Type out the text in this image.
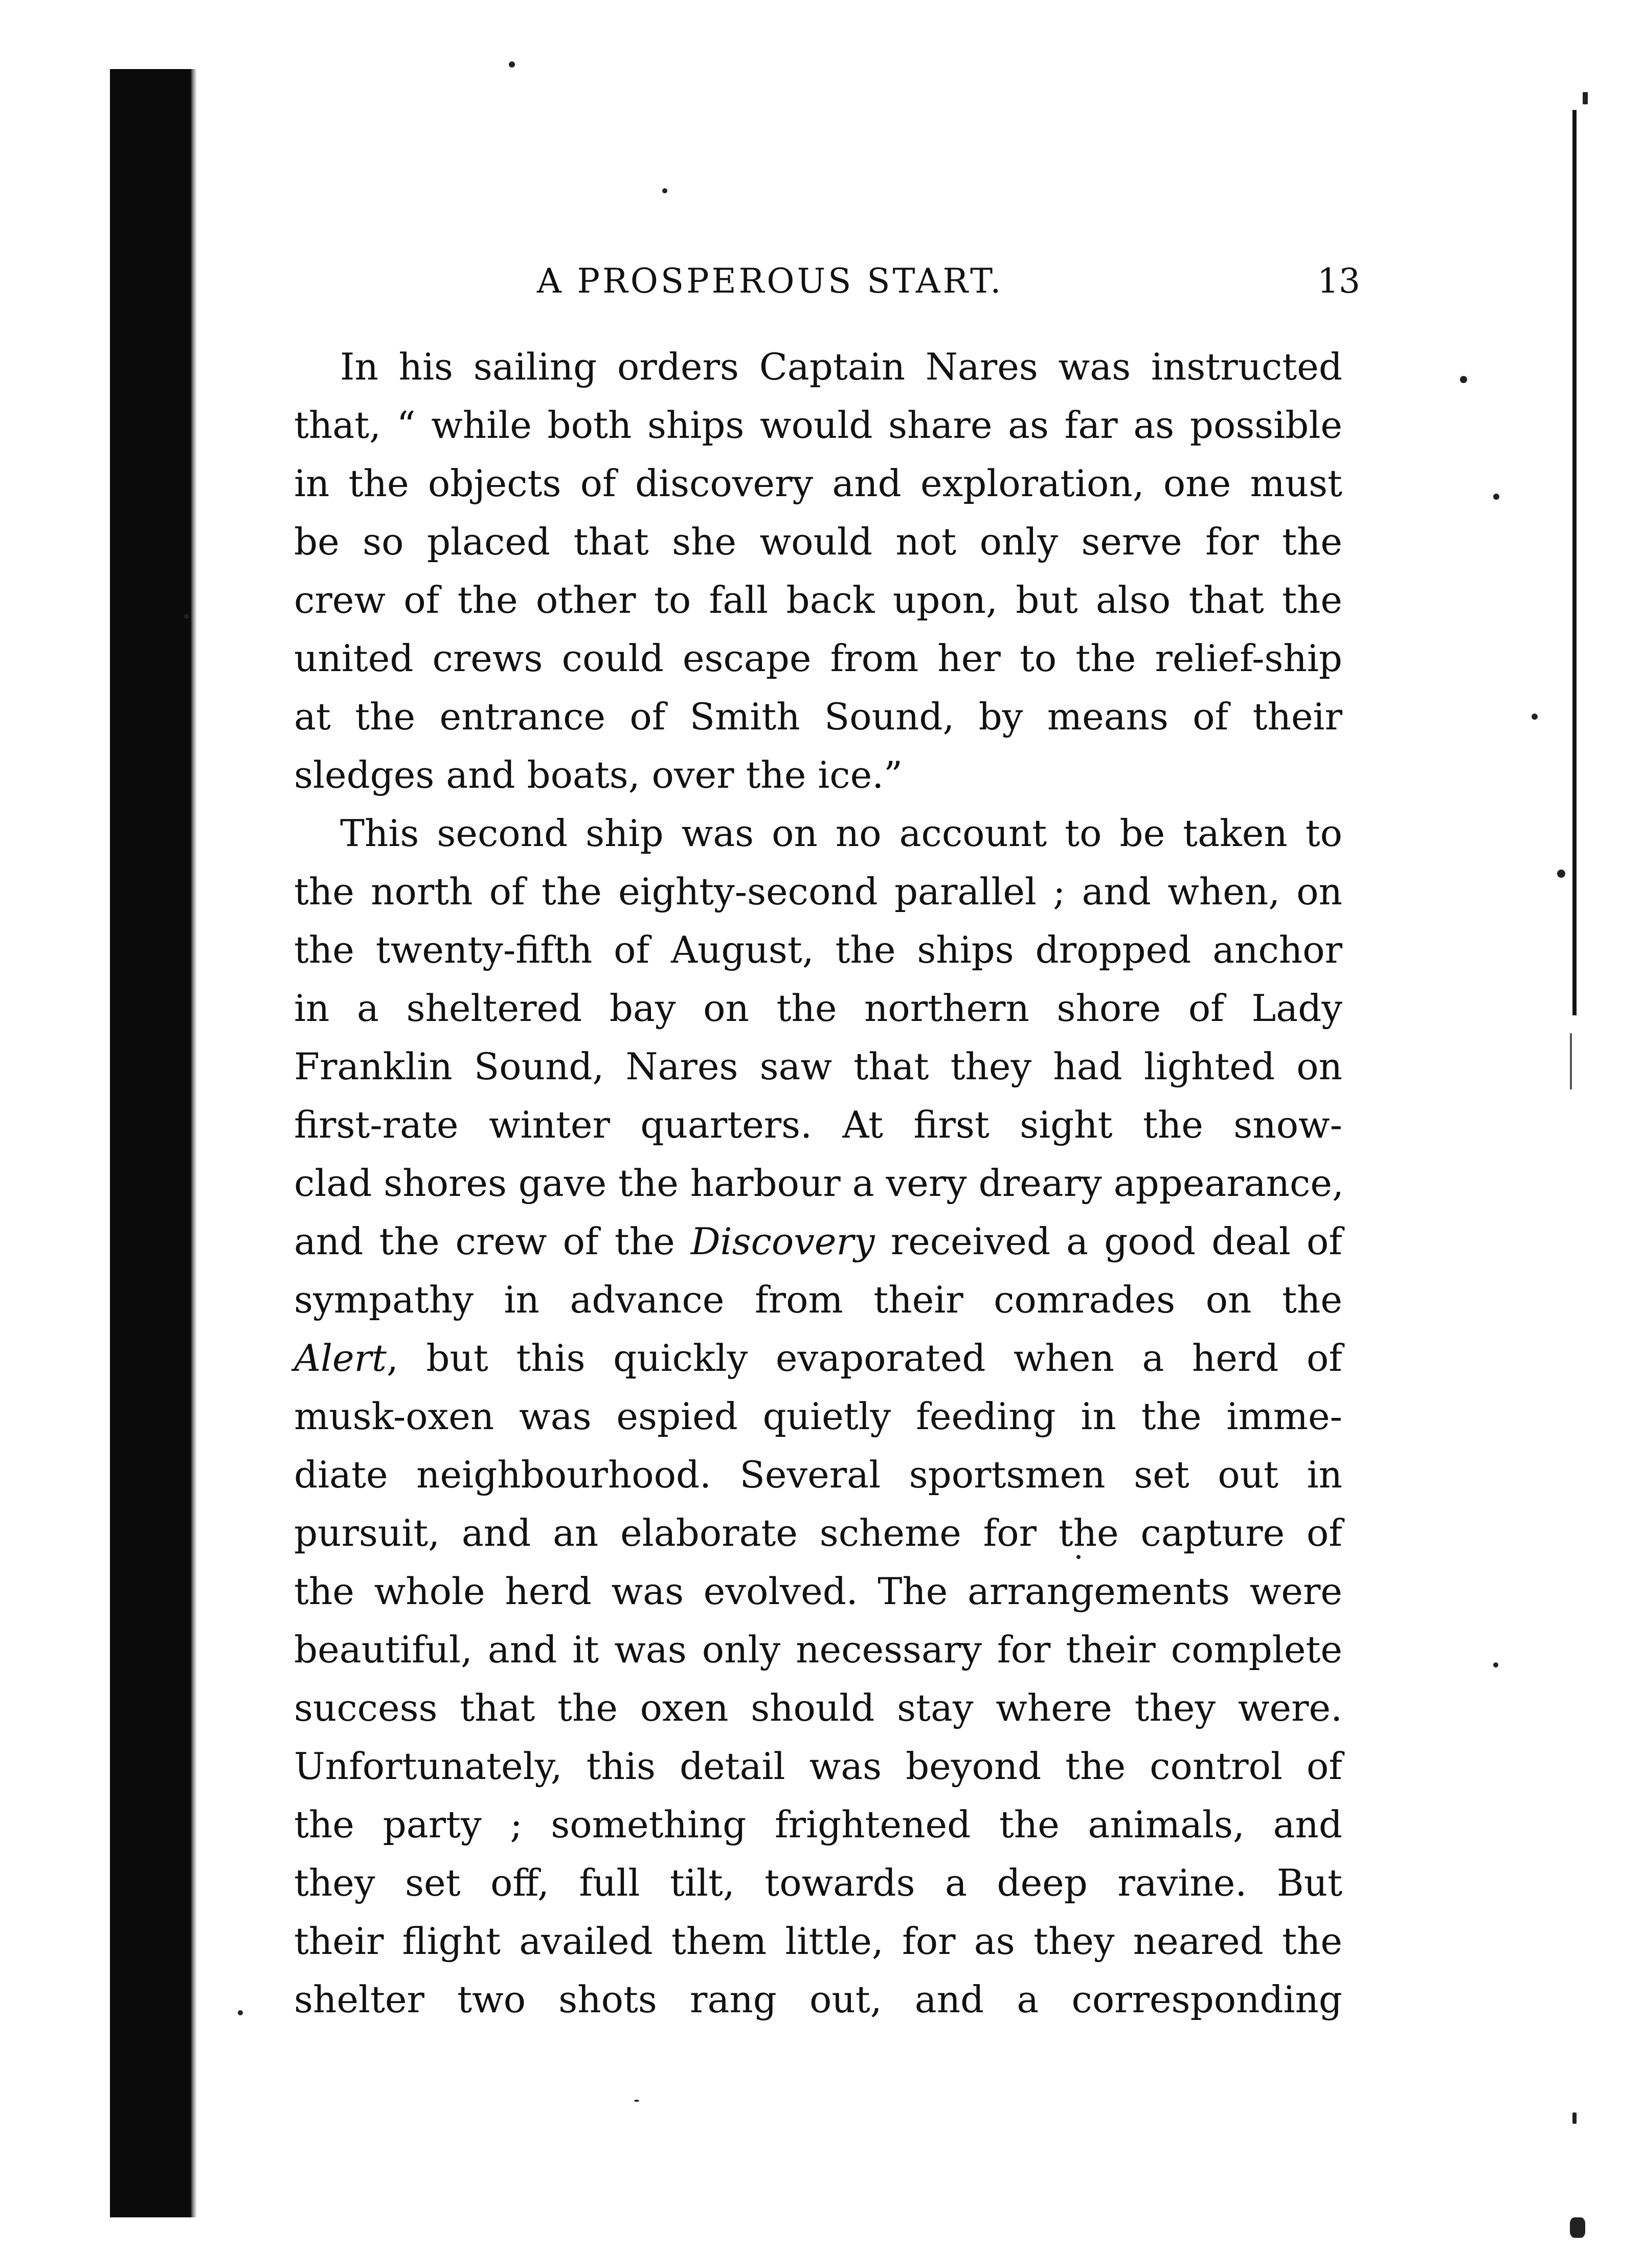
A PROSPEROUS START.	13
In his sailing orders Captain Nares was instructed
that, “ while both ships would share as far as possible
in the objects of discovery and exploration, one must
be so placed that she would not only serve for the
crew of the other to fall back upon, but also that the
united crews could escape from her to the relief-ship
at the entrance of Smith Sound, by means of their
sledges and boats, over the ice.”
This second ship was on no account to be taken to
the north of the eighty-second parallel ; and when, on
the twenty-fifth of August, the ships dropped anchor
in a sheltered bay on the northern shore of Lady
Franklin Sound, Nares saw that they had lighted on
first-rate winter quarters. At first sight the snow-
clad shores gave the harbour a very dreary appearance,
and the crew of the Discovery received a good deal of
sympathy in advance from their comrades on the
Alert, but this quickly evaporated when a herd of
musk-oxen was espied quietly feeding in the imme-
diate neighbourhood. Several sportsmen set out in
pursuit, and an elaborate scheme for the capture of
the whole herd was evolved. The arrangements were
beautiful, and it was only necessary for their complete
success that the oxen should stay where they were.
Unfortunately, this detail was beyond the control of
the party ; something frightened the animals, and
they set off, full tilt, towards a deep ravine. But
their flight availed them little, for as they neared the
shelter two shots rang out, and a corresponding
